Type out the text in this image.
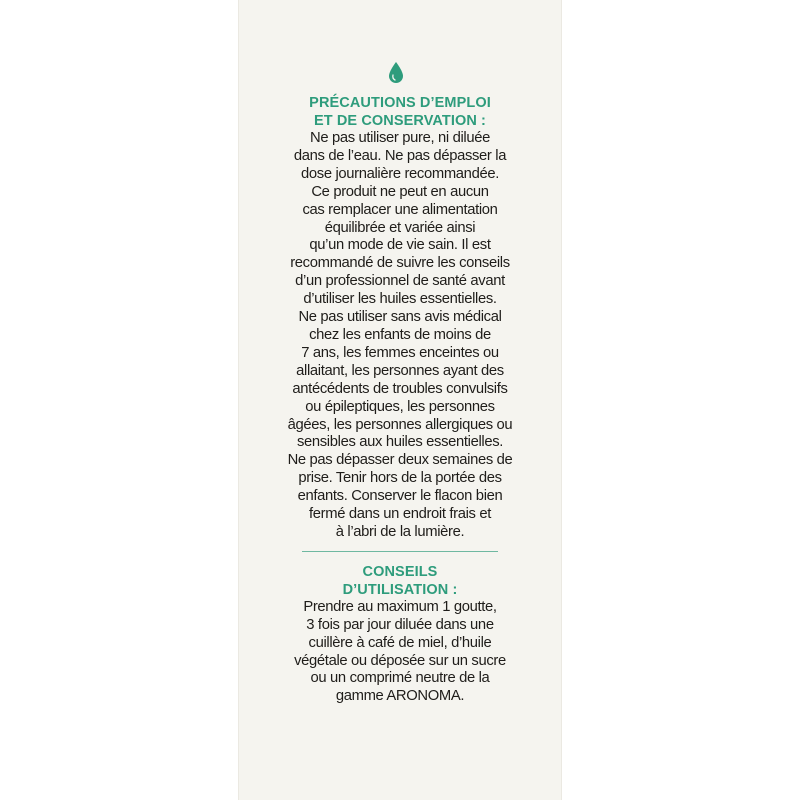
PRÉCAUTIONS D’EMPLOI
ET DE CONSERVATION :
Ne pas utiliser pure, ni diluée
dans de l’eau. Ne pas dépasser la
dose journalière recommandée.
Ce produit ne peut en aucun
cas remplacer une alimentation
équilibrée et variée ainsi
qu’un mode de vie sain. Il est
recommandé de suivre les conseils
d’un professionnel de santé avant
d’utiliser les huiles essentielles.
Ne pas utiliser sans avis médical
chez les enfants de moins de
7 ans, les femmes enceintes ou
allaitant, les personnes ayant des
antécédents de troubles convulsifs
ou épileptiques, les personnes
âgées, les personnes allergiques ou
sensibles aux huiles essentielles.
Ne pas dépasser deux semaines de
prise. Tenir hors de la portée des
enfants. Conserver le flacon bien
fermé dans un endroit frais et
à l’abri de la lumière.
CONSEILS
D’UTILISATION :
Prendre au maximum 1 goutte,
3 fois par jour diluée dans une
cuillère à café de miel, d’huile
végétale ou déposée sur un sucre
ou un comprimé neutre de la
gamme ARONOMA.
